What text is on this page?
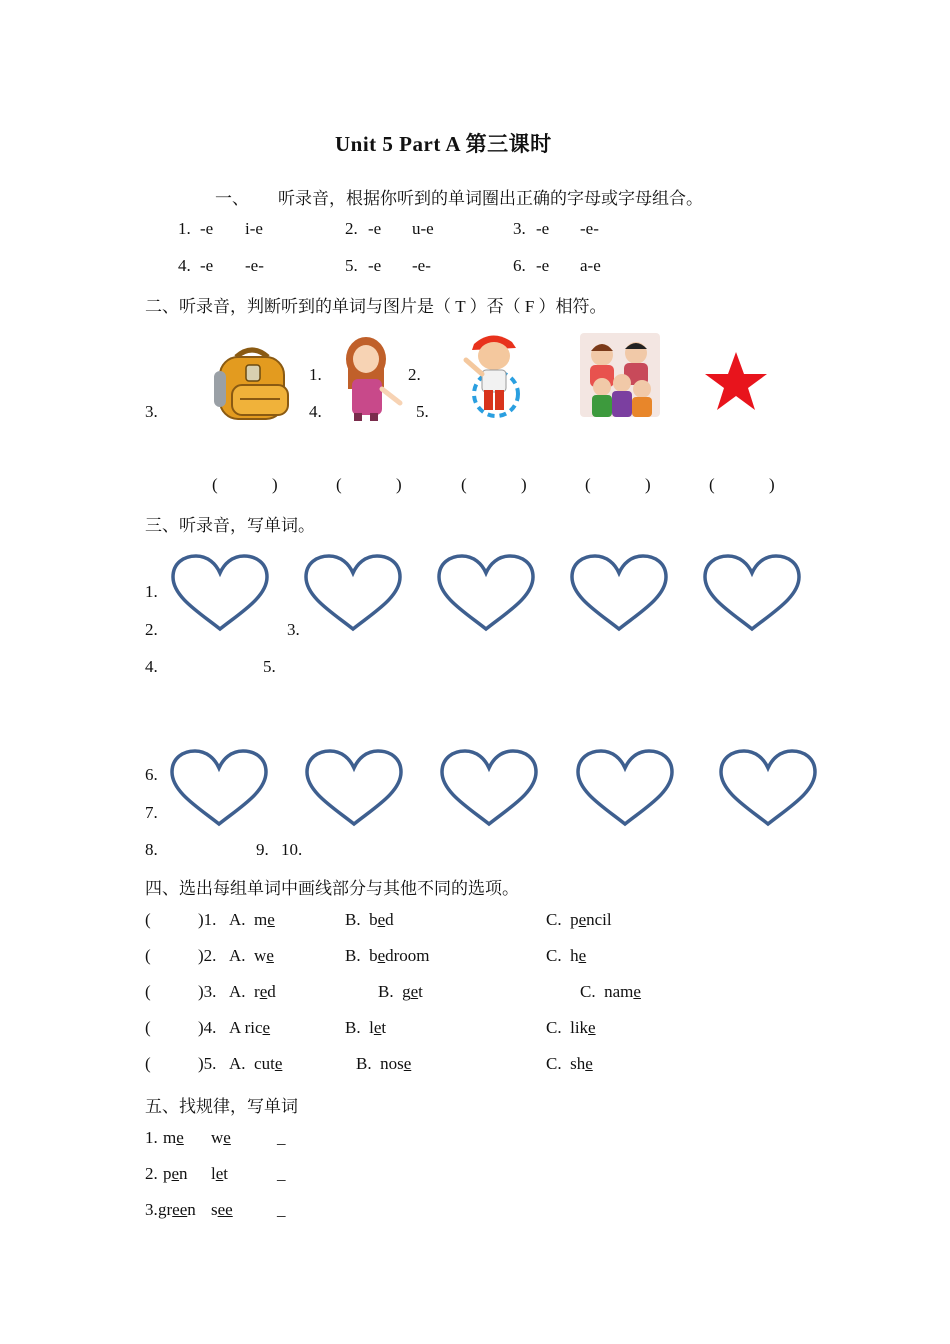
Unit 5 Part A 第三课时
一、 听录音，根据你听到的单词圈出正确的字母或字母组合。
1. -e i-e	2. -e u-e	3. -e -e-
4. -e -e-	5. -e -e-	6. -e a-e
二、听录音，判断听到的单词与图片是（ T ）否（ F ）相符。
1.	2.
3.	4.	5.
(	)	(	)	(	)	(	)	(	)
三、听录音，写单词。
1.
2.	3.
4.	5.
6.
7.
8.	9. 10.
四、选出每组单词中画线部分与其他不同的选项。
(	)1. A. me	B. bed	C. pencil
(	)2. A. we	B. bedroom	C. he
(	)3. A. red	B. get	C. name
(	)4. A rice	B. let	C. like
(	)5. A. cute	B. nose	C. she
五、找规律，写单词
1. me we	_
2. pen let	_
3. green see	_
